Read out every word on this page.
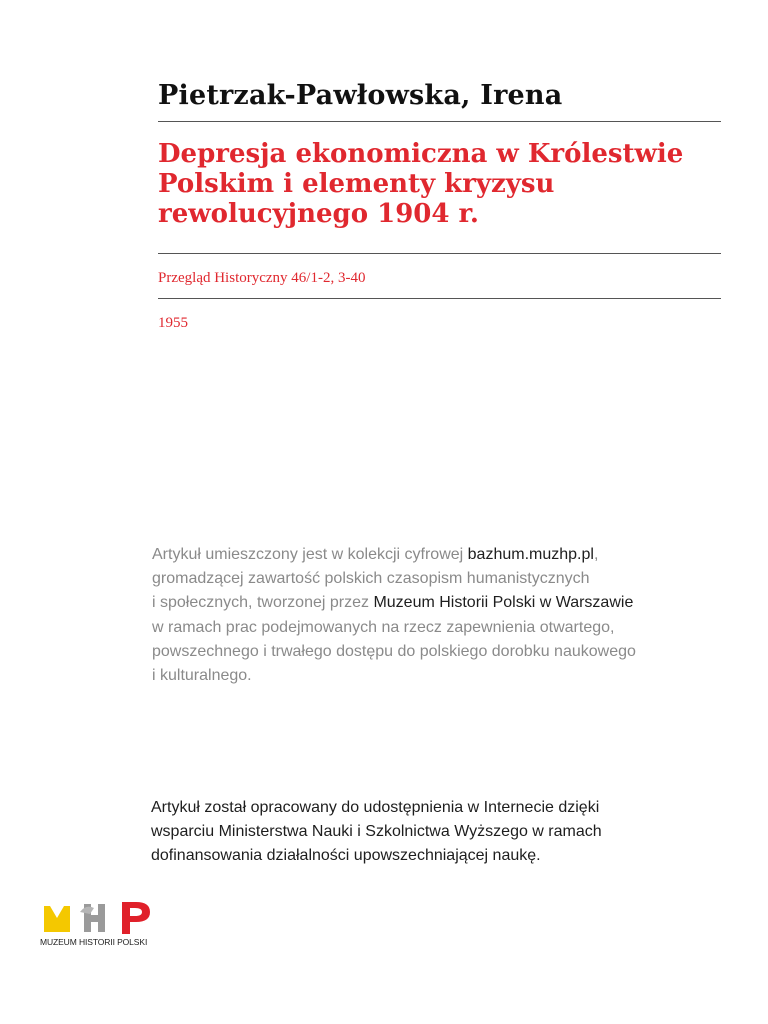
Pietrzak-Pawłowska, Irena
Depresja ekonomiczna w Królestwie
Polskim i elementy kryzysu
rewolucyjnego 1904 r.
Przegląd Historyczny 46/1-2, 3-40
1955
Artykuł umieszczony jest w kolekcji cyfrowej bazhum.muzhp.pl,
gromadzącej zawartość polskich czasopism humanistycznych
i społecznych, tworzonej przez Muzeum Historii Polski w Warszawie
w ramach prac podejmowanych na rzecz zapewnienia otwartego,
powszechnego i trwałego dostępu do polskiego dorobku naukowego
i kulturalnego.
Artykuł został opracowany do udostępnienia w Internecie dzięki
wsparciu Ministerstwa Nauki i Szkolnictwa Wyższego w ramach
dofinansowania działalności upowszechniającej naukę.
MUZEUM HISTORII POLSKI
